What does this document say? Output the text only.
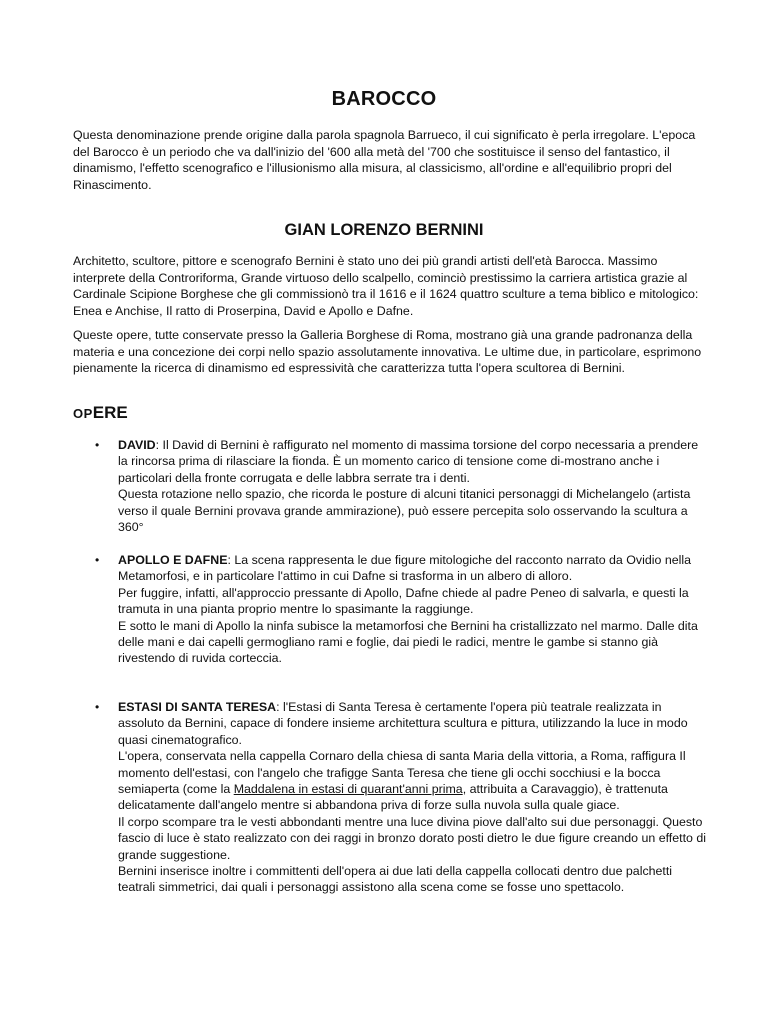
BAROCCO

Questa denominazione prende origine dalla parola spagnola Barrueco, il cui significato è perla irregolare. L'epoca del Barocco è un periodo che va dall'inizio del '600 alla metà del '700 che sostituisce il senso del fantastico, il dinamismo, l'effetto scenografico e l'illusionismo alla misura, al classicismo, all'ordine e all'equilibrio propri del Rinascimento.

GIAN LORENZO BERNINI

Architetto, scultore, pittore e scenografo Bernini è stato uno dei più grandi artisti dell'età Barocca. Massimo interprete della Controriforma, Grande virtuoso dello scalpello, cominciò prestissimo la carriera artistica grazie al Cardinale Scipione Borghese che gli commissionò tra il 1616 e il 1624 quattro sculture a tema biblico e mitologico: Enea e Anchise, Il ratto di Proserpina, David e Apollo e Dafne.

Queste opere, tutte conservate presso la Galleria Borghese di Roma, mostrano già una grande padronanza della materia e una concezione dei corpi nello spazio assolutamente innovativa. Le ultime due, in particolare, esprimono pienamente la ricerca di dinamismo ed espressività che caratterizza tutta l'opera scultorea di Bernini.

OPERE
• DAVID: Il David di Bernini è raffigurato nel momento di massima torsione del corpo necessaria a prendere la rincorsa prima di rilasciare la fionda. È un momento carico di tensione come di-mostrano anche i particolari della fronte corrugata e delle labbra serrate tra i denti.
Questa rotazione nello spazio, che ricorda le posture di alcuni titanici personaggi di Michelangelo (artista verso il quale Bernini provava grande ammirazione), può essere percepita solo osservando la scultura a 360°
• APOLLO E DAFNE: La scena rappresenta le due figure mitologiche del racconto narrato da Ovidio nella Metamorfosi, e in particolare l'attimo in cui Dafne si trasforma in un albero di alloro.
Per fuggire, infatti, all'approccio pressante di Apollo, Dafne chiede al padre Peneo di salvarla, e questi la tramuta in una pianta proprio mentre lo spasimante la raggiunge.
E sotto le mani di Apollo la ninfa subisce la metamorfosi che Bernini ha cristallizzato nel marmo. Dalle dita delle mani e dai capelli germogliano rami e foglie, dai piedi le radici, mentre le gambe si stanno già rivestendo di ruvida corteccia.
• ESTASI DI SANTA TERESA: l'Estasi di Santa Teresa è certamente l'opera più teatrale realizzata in assoluto da Bernini, capace di fondere insieme architettura scultura e pittura, utilizzando la luce in modo quasi cinematografico.
L'opera, conservata nella cappella Cornaro della chiesa di santa Maria della vittoria, a Roma, raffigura Il momento dell'estasi, con l'angelo che trafigge Santa Teresa che tiene gli occhi socchiusi e la bocca semiaperta (come la Maddalena in estasi di quarant'anni prima, attribuita a Caravaggio), è trattenuta delicatamente dall'angelo mentre si abbandona priva di forze sulla nuvola sulla quale giace.
Il corpo scompare tra le vesti abbondanti mentre una luce divina piove dall'alto sui due personaggi. Questo fascio di luce è stato realizzato con dei raggi in bronzo dorato posti dietro le due figure creando un effetto di grande suggestione.
Bernini inserisce inoltre i committenti dell'opera ai due lati della cappella collocati dentro due palchetti teatrali simmetrici, dai quali i personaggi assistono alla scena come se fosse uno spettacolo.
